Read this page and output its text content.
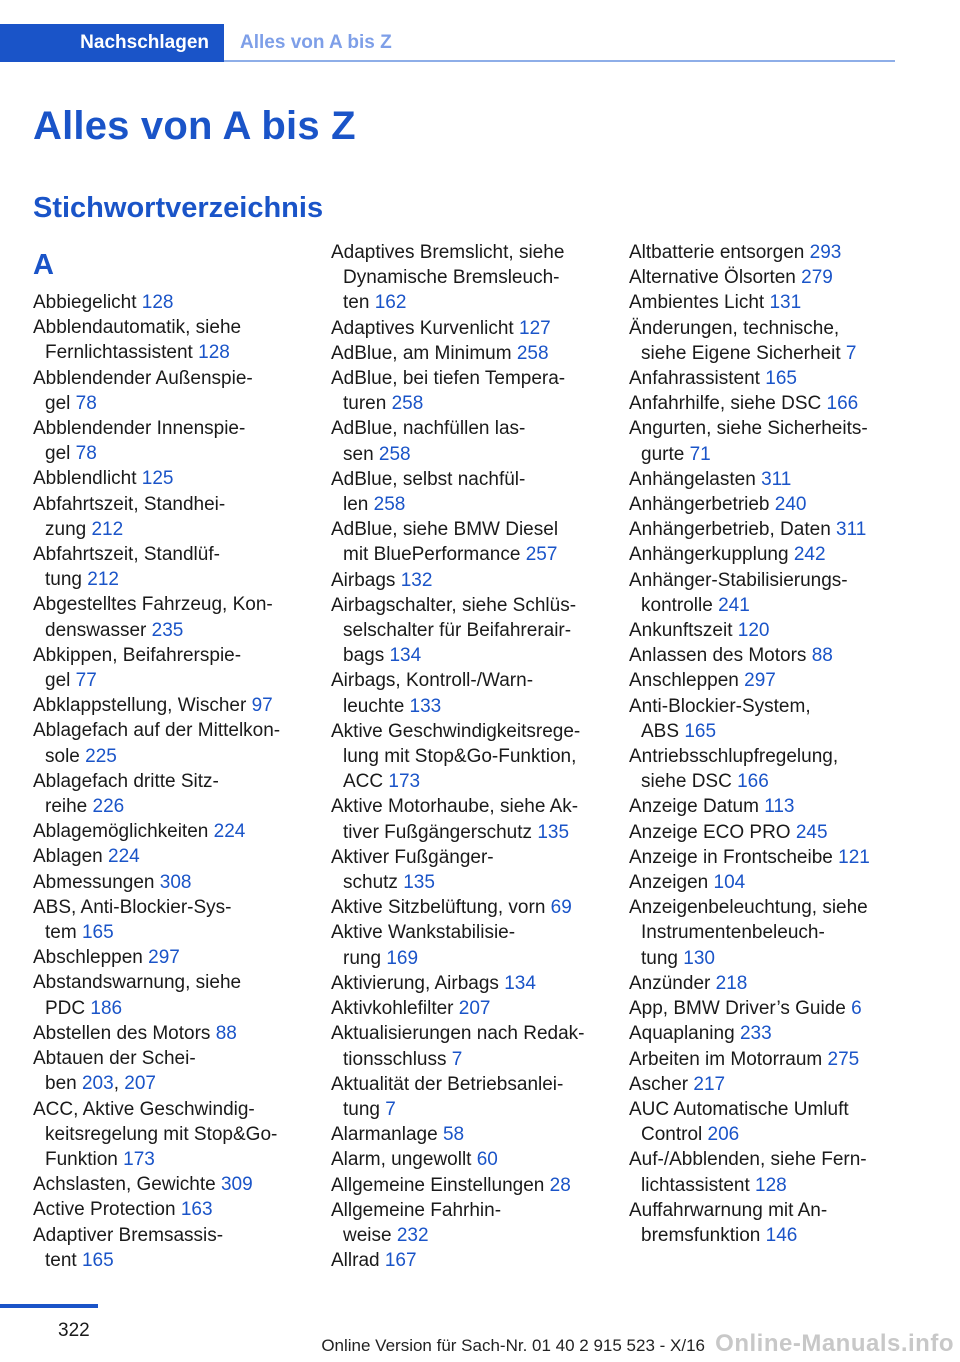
Nachschlagen	Alles von A bis Z
Alles von A bis Z
Stichwortverzeichnis
A
Abbiegelicht 128
Abblendautomatik, siehe
Fernlichtassistent 128
Abblendender Außenspie‐
gel 78
Abblendender Innenspie‐
gel 78
Abblendlicht 125
Abfahrtszeit, Standhei‐
zung 212
Abfahrtszeit, Standlüf‐
tung 212
Abgestelltes Fahrzeug, Kon‐
denswasser 235
Abkippen, Beifahrerspie‐
gel 77
Abklappstellung, Wischer 97
Ablagefach auf der Mittelkon‐
sole 225
Ablagefach dritte Sitz‐
reihe 226
Ablagemöglichkeiten 224
Ablagen 224
Abmessungen 308
ABS, Anti-Blockier-Sys‐
tem 165
Abschleppen 297
Abstandswarnung, siehe
PDC 186
Abstellen des Motors 88
Abtauen der Schei‐
ben 203, 207
ACC, Aktive Geschwindig‐
keitsregelung mit Stop&Go-
Funktion 173
Achslasten, Gewichte 309
Active Protection 163
Adaptiver Bremsassis‐
tent 165
Adaptives Bremslicht, siehe
Dynamische Bremsleuch‐
ten 162
Adaptives Kurvenlicht 127
AdBlue, am Minimum 258
AdBlue, bei tiefen Tempera‐
turen 258
AdBlue, nachfüllen las‐
sen 258
AdBlue, selbst nachfül‐
len 258
AdBlue, siehe BMW Diesel
mit BluePerformance 257
Airbags 132
Airbagschalter, siehe Schlüs‐
selschalter für Beifahrerair‐
bags 134
Airbags, Kontroll-/Warn‐
leuchte 133
Aktive Geschwindigkeitsrege‐
lung mit Stop&Go-Funktion,
ACC 173
Aktive Motorhaube, siehe Ak‐
tiver Fußgängerschutz 135
Aktiver Fußgänger‐
schutz 135
Aktive Sitzbelüftung, vorn 69
Aktive Wankstabilisie‐
rung 169
Aktivierung, Airbags 134
Aktivkohlefilter 207
Aktualisierungen nach Redak‐
tionsschluss 7
Aktualität der Betriebsanlei‐
tung 7
Alarmanlage 58
Alarm, ungewollt 60
Allgemeine Einstellungen 28
Allgemeine Fahrhin‐
weise 232
Allrad 167
Altbatterie entsorgen 293
Alternative Ölsorten 279
Ambientes Licht 131
Änderungen, technische,
siehe Eigene Sicherheit 7
Anfahrassistent 165
Anfahrhilfe, siehe DSC 166
Angurten, siehe Sicherheits‐
gurte 71
Anhängelasten 311
Anhängerbetrieb 240
Anhängerbetrieb, Daten 311
Anhängerkupplung 242
Anhänger-Stabilisierungs‐
kontrolle 241
Ankunftszeit 120
Anlassen des Motors 88
Anschleppen 297
Anti-Blockier-System,
ABS 165
Antriebsschlupfregelung,
siehe DSC 166
Anzeige Datum 113
Anzeige ECO PRO 245
Anzeige in Frontscheibe 121
Anzeigen 104
Anzeigenbeleuchtung, siehe
Instrumentenbeleuch‐
tung 130
Anzünder 218
App, BMW Driver’s Guide 6
Aquaplaning 233
Arbeiten im Motorraum 275
Ascher 217
AUC Automatische Umluft
Control 206
Auf-/Abblenden, siehe Fern‐
lichtassistent 128
Auffahrwarnung mit An‐
bremsfunktion 146
322
Online Version für Sach-Nr. 01 40 2 915 523 - X/16 Online-Manuals.info
